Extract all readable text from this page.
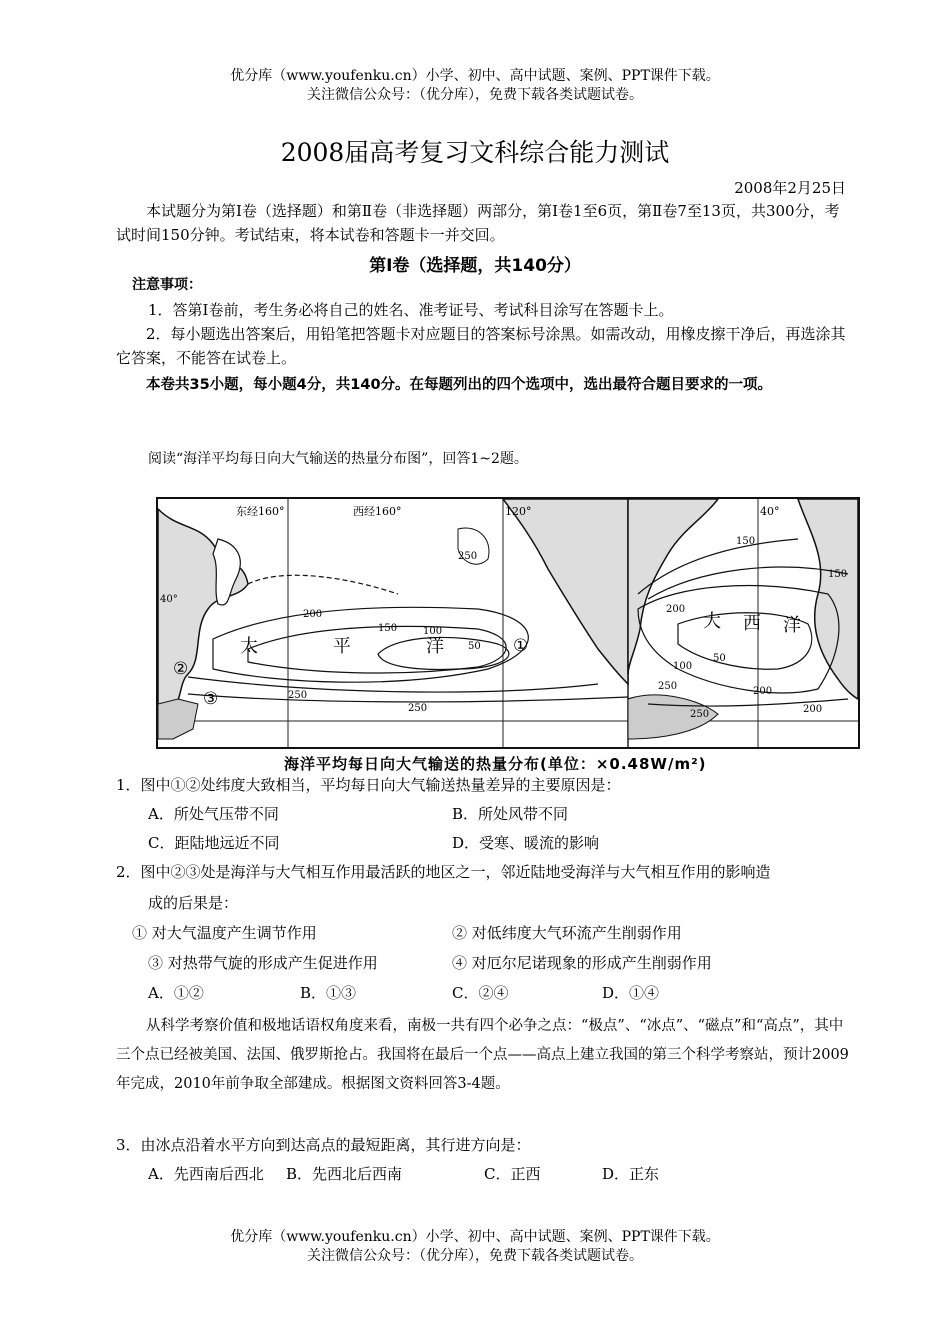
优分库（www.youfenku.cn）小学、初中、高中试题、案例、PPT课件下载。
关注微信公众号：（优分库），免费下载各类试题试卷。
2008届高考复习文科综合能力测试
2008年2月25日
本试题分为第Ⅰ卷（选择题）和第Ⅱ卷（非选择题）两部分，第Ⅰ卷1至6页，第Ⅱ卷7至13页，共300分，考试时间150分钟。考试结束，将本试卷和答题卡一并交回。
第Ⅰ卷（选择题，共140分）
注意事项：
1．答第Ⅰ卷前，考生务必将自己的姓名、准考证号、考试科目涂写在答题卡上。
2．每小题选出答案后，用铅笔把答题卡对应题目的答案标号涂黑。如需改动，用橡皮擦干净后，再选涂其它答案，不能答在试卷上。
本卷共35小题，每小题4分，共140分。在每题列出的四个选项中，选出最符合题目要求的一项。
阅读“海洋平均每日向大气输送的热量分布图”，回答1~2题。
东经160°	西经160°	120°	40°
40°
太	平	洋
大 西 洋
①
②
③
250
200
150	100
50
250
250
150
200
100
50
150
200
250	200
250
海洋平均每日向大气输送的热量分布(单位：×0.48W/m²)
1．图中①②处纬度大致相当，平均每日向大气输送热量差异的主要原因是：
A．所处气压带不同	B．所处风带不同
C．距陆地远近不同	D．受寒、暖流的影响
2．图中②③处是海洋与大气相互作用最活跃的地区之一，邻近陆地受海洋与大气相互作用的影响造
成的后果是：
① 对大气温度产生调节作用	② 对低纬度大气环流产生削弱作用
③ 对热带气旋的形成产生促进作用	④ 对厄尔尼诺现象的形成产生削弱作用
A．①②	B．①③	C．②④	D．①④
从科学考察价值和极地话语权角度来看，南极一共有四个必争之点：“极点”、“冰点”、“磁点”和“高点”，其中三个点已经被美国、法国、俄罗斯抢占。我国将在最后一个点——高点上建立我国的第三个科学考察站，预计2009年完成，2010年前争取全部建成。根据图文资料回答3-4题。
3．由冰点沿着水平方向到达高点的最短距离，其行进方向是：
A．先西南后西北 B．先西北后西南	C．正西	D．正东
优分库（www.youfenku.cn）小学、初中、高中试题、案例、PPT课件下载。
关注微信公众号：（优分库），免费下载各类试题试卷。
